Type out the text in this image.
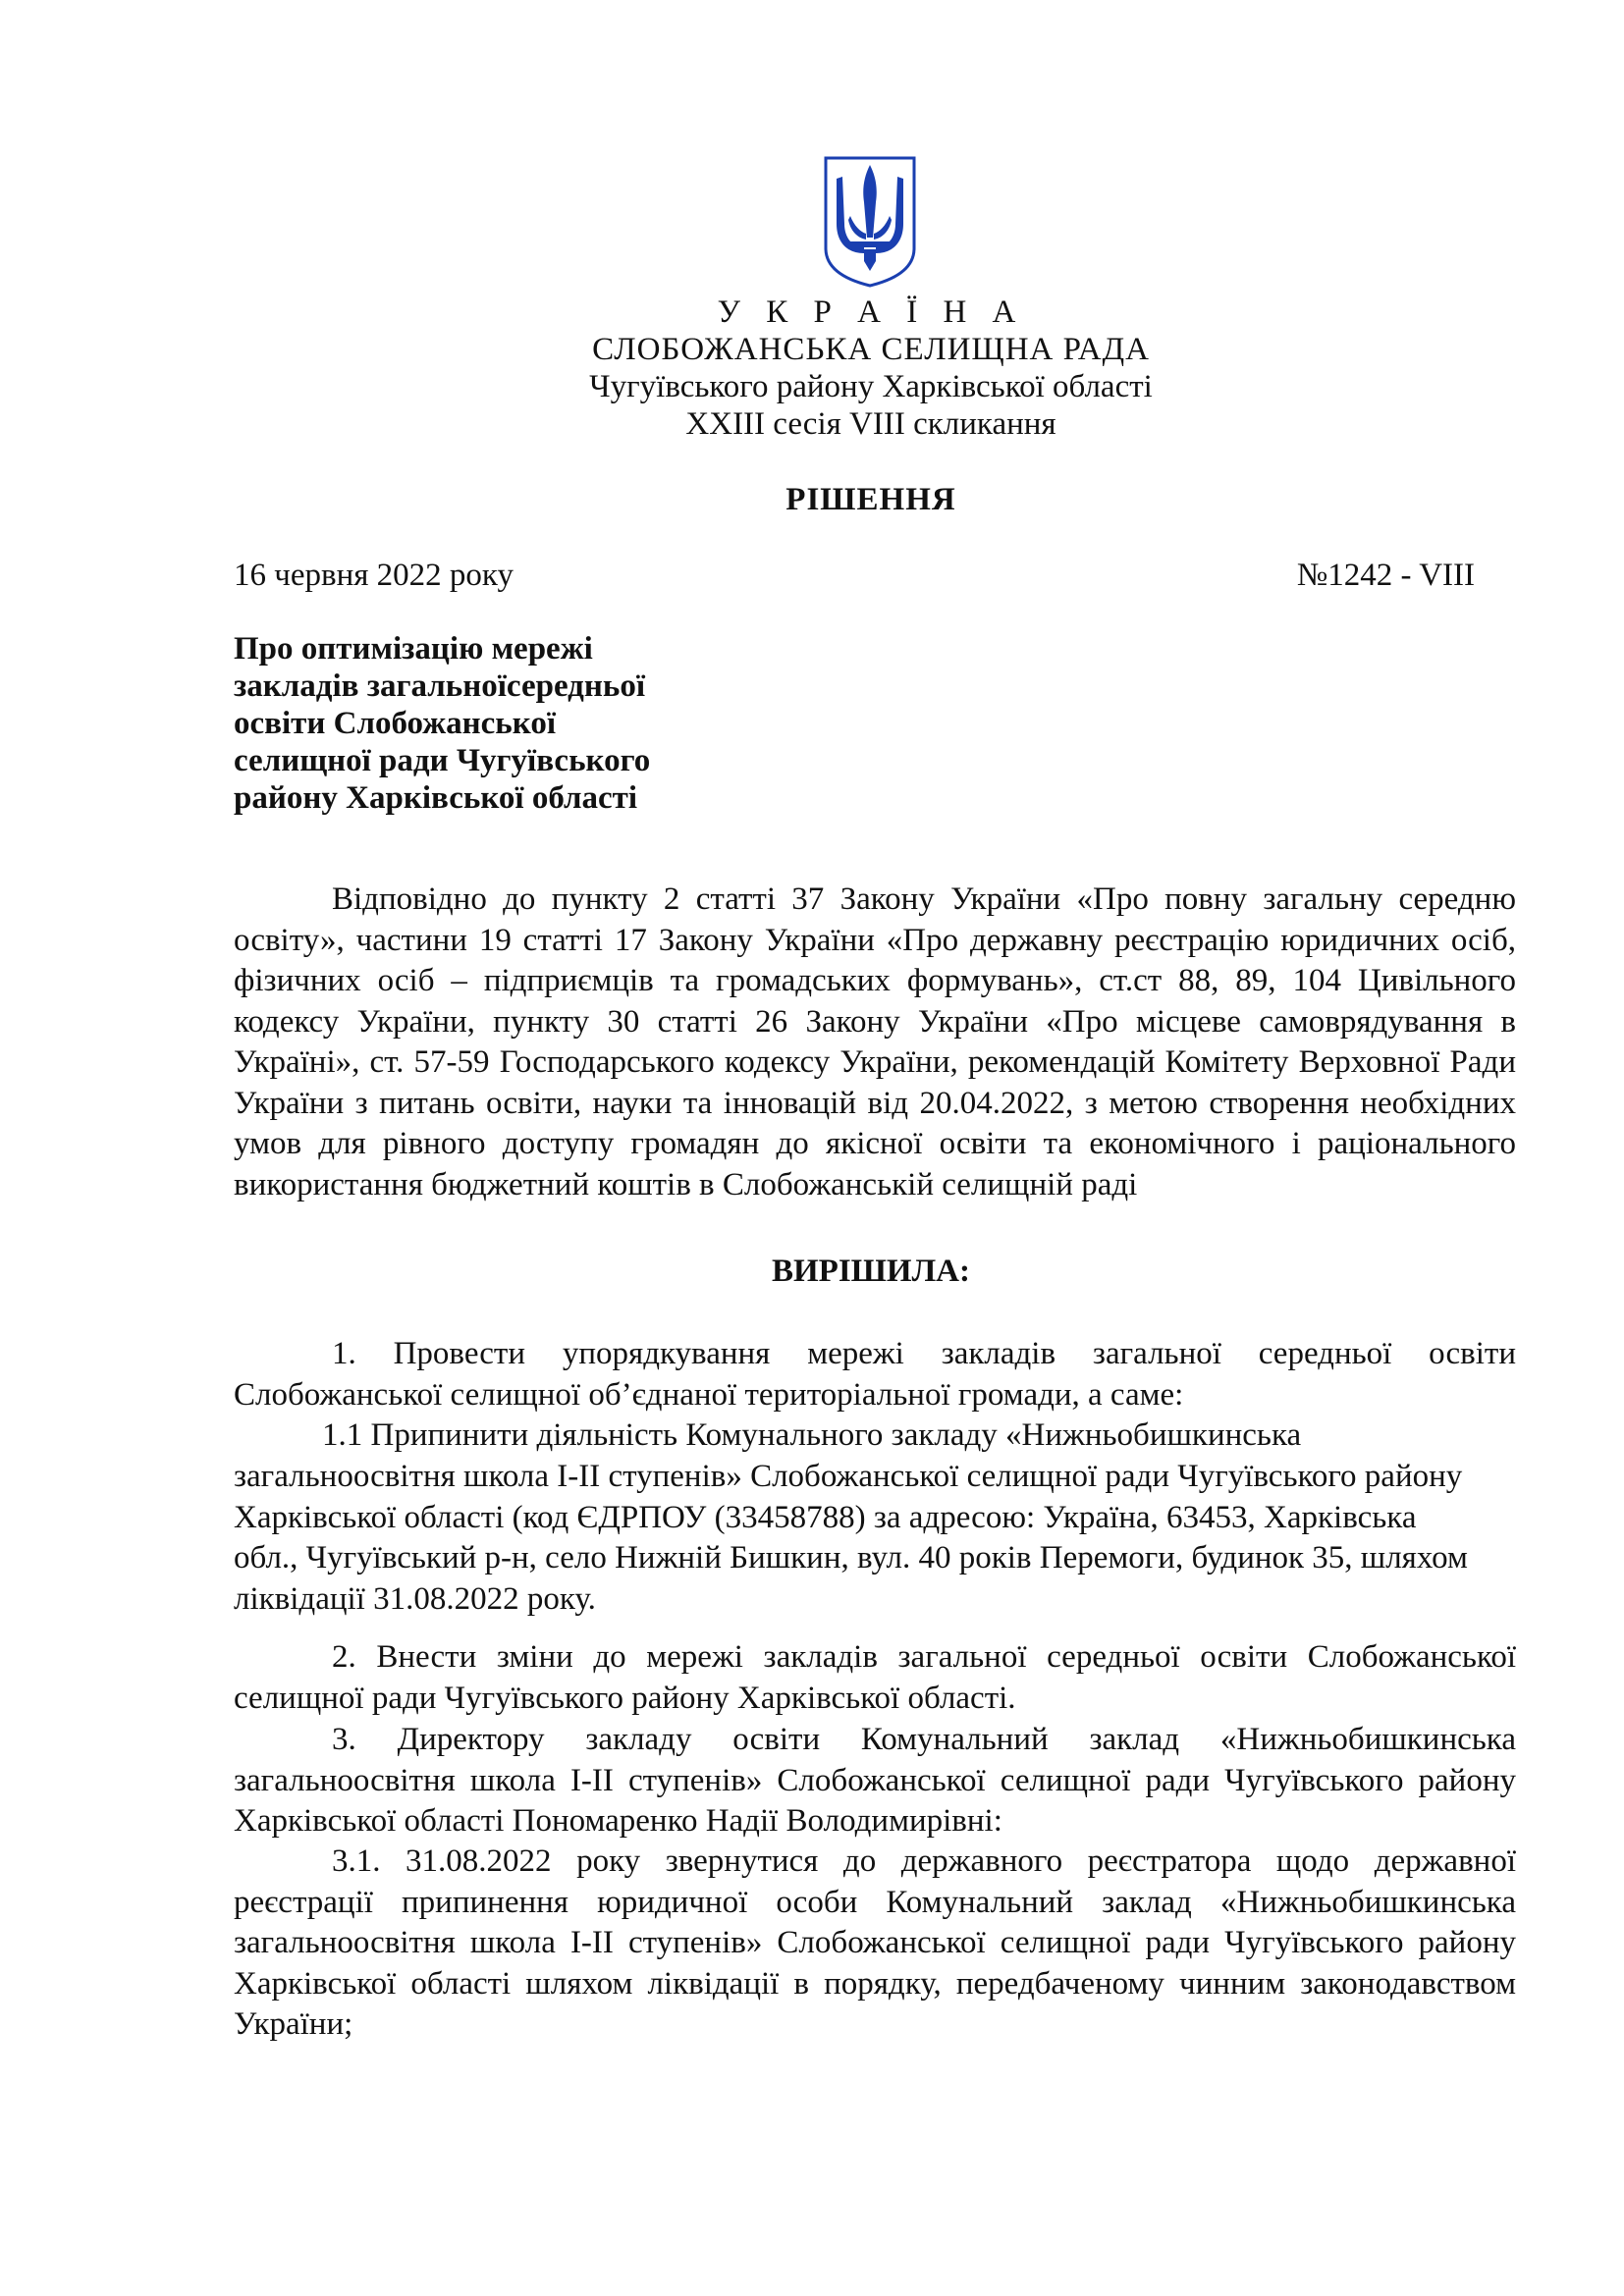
У К Р А Ї Н А
СЛОБОЖАНСЬКА СЕЛИЩНА РАДА
Чугуївського району Харківської області
XXIII сесія VIII скликання
РІШЕННЯ
16 червня 2022 року	№1242 - VIII
Про оптимізацію мережі
закладів загальноїсередньої
освіти Слобожанської
селищної ради Чугуївського
району Харківської області

Відповідно до пункту 2 статті 37 Закону України «Про повну загальну середню освіту», частини 19 статті 17 Закону України «Про державну реєстрацію юридичних осіб, фізичних осіб – підприємців та громадських формувань», ст.ст 88, 89, 104 Цивільного кодексу України, пункту 30 статті 26 Закону України «Про місцеве самоврядування в Україні», ст. 57-59 Господарського кодексу України, рекомендацій Комітету Верховної Ради України з питань освіти, науки та інновацій від 20.04.2022, з метою створення необхідних умов для рівного доступу громадян до якісної освіти та економічного і раціонального використання бюджетний коштів в Слобожанській селищній раді

ВИРІШИЛА:

1. Провести упорядкування мережі закладів загальної середньої освіти Слобожанської селищної об’єднаної територіальної громади, а саме:

1.1 Припинити діяльність Комунального закладу «Нижньобишкинська
загальноосвітня школа I-II ступенів» Слобожанської селищної ради Чугуївського району
Харківської області (код ЄДРПОУ (33458788) за адресою: Україна, 63453, Харківська
обл., Чугуївський р-н, село Нижній Бишкин, вул. 40 років Перемоги, будинок 35, шляхом
ліквідації 31.08.2022 року.

2. Внести зміни до мережі закладів загальної середньої освіти Слобожанської селищної ради Чугуївського району Харківської області.

3. Директору закладу освіти Комунальний заклад «Нижньобишкинська загальноосвітня школа I-II ступенів» Слобожанської селищної ради Чугуївського району Харківської області Пономаренко Надії Володимирівні:

3.1. 31.08.2022 року звернутися до державного реєстратора щодо державної реєстрації припинення юридичної особи Комунальний заклад «Нижньобишкинська загальноосвітня школа I-II ступенів» Слобожанської селищної ради Чугуївського району Харківської області шляхом ліквідації в порядку, передбаченому чинним законодавством України;
